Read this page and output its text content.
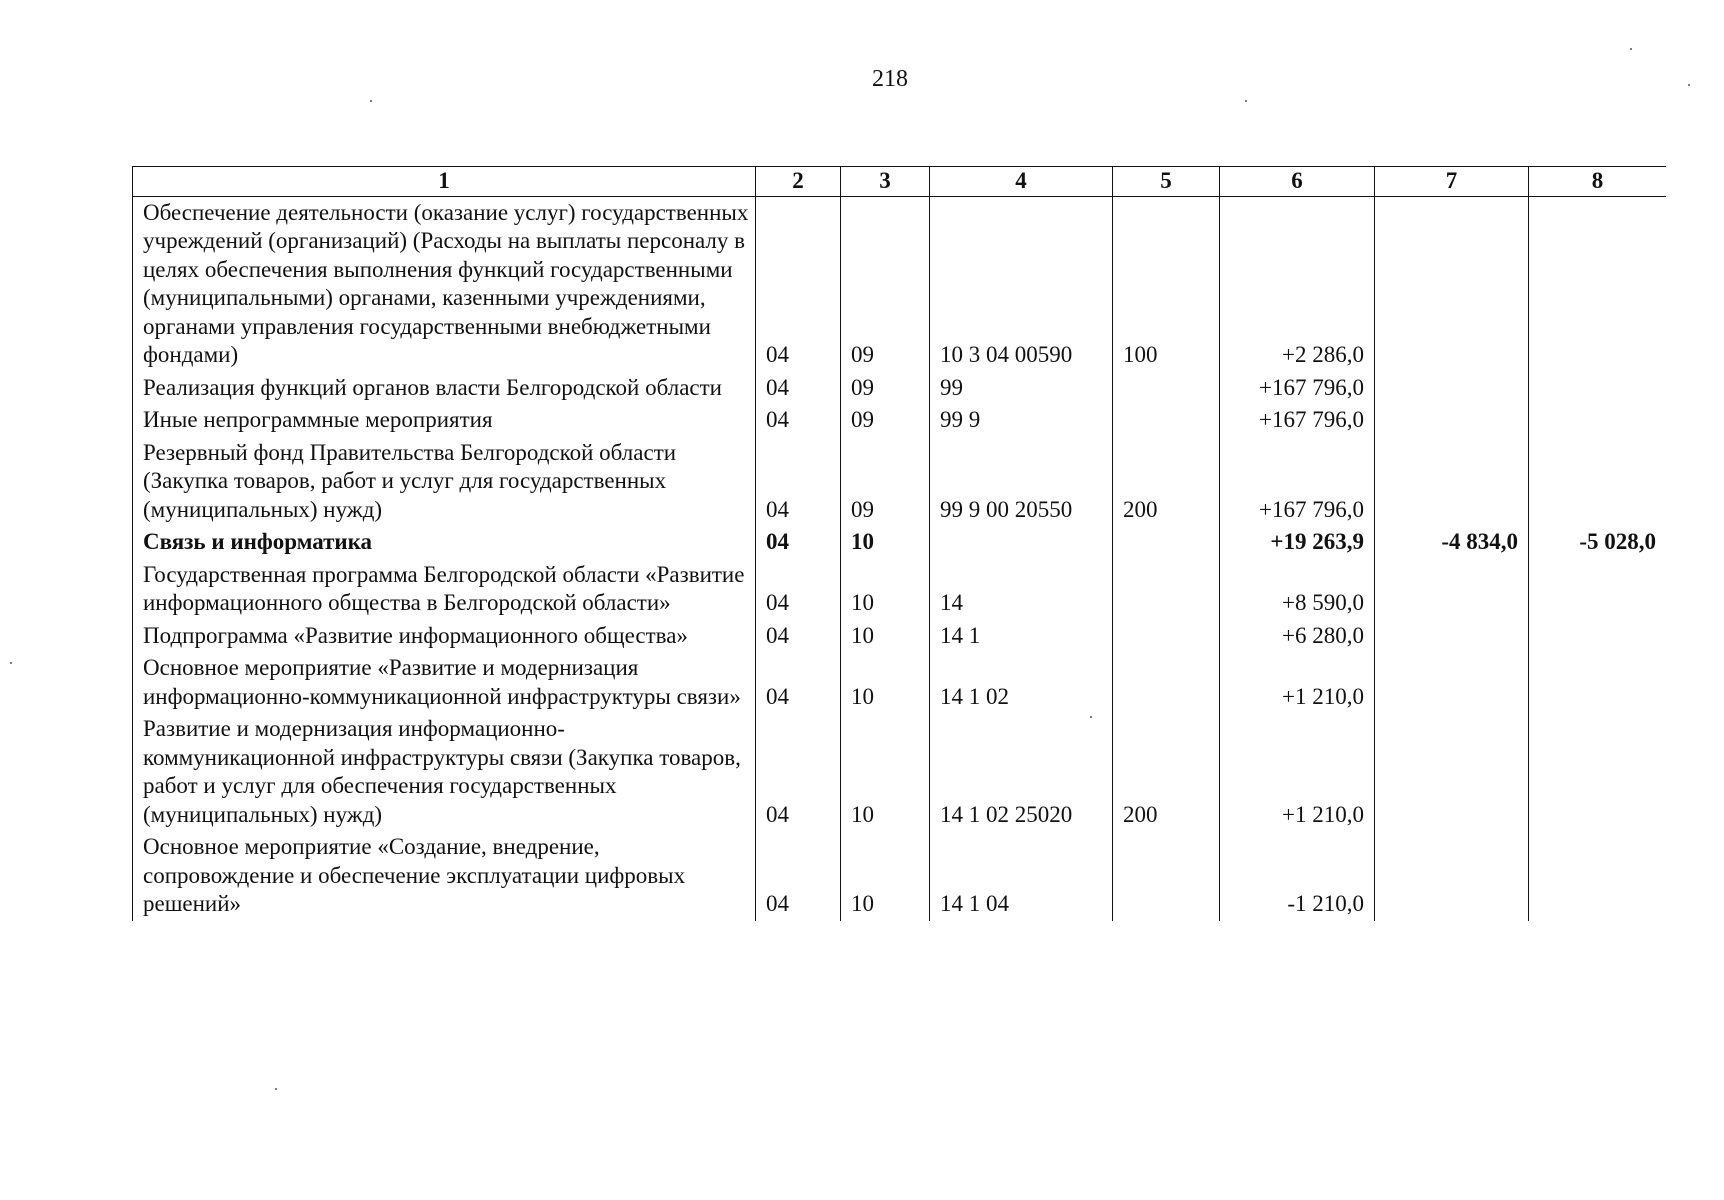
218
1	2	3	4	5	6	7	8
Обеспечение деятельности (оказание услуг) государственных учреждений (организаций) (Расходы на выплаты персоналу в целях обеспечения выполнения функций государственными (муниципальными) органами, казенными учреждениями, органами управления государственными внебюджетными фондами)	04	09	10 3 04 00590	100	+2 286,0		
Реализация функций органов власти Белгородской области	04	09	99		+167 796,0		
Иные непрограммные мероприятия	04	09	99 9		+167 796,0		
Резервный фонд Правительства Белгородской области (Закупка товаров, работ и услуг для государственных (муниципальных) нужд)	04	09	99 9 00 20550	200	+167 796,0		
Связь и информатика	04	10			+19 263,9	-4 834,0	-5 028,0
Государственная программа Белгородской области «Развитие информационного общества в Белгородской области»	04	10	14		+8 590,0		
Подпрограмма «Развитие информационного общества»	04	10	14 1		+6 280,0		
Основное мероприятие «Развитие и модернизация информационно-коммуникационной инфраструктуры связи»	04	10	14 1 02		+1 210,0		
Развитие и модернизация информационно-коммуникационной инфраструктуры связи (Закупка товаров, работ и услуг для обеспечения государственных (муниципальных) нужд)	04	10	14 1 02 25020	200	+1 210,0		
Основное мероприятие «Создание, внедрение, сопровождение и обеспечение эксплуатации цифровых решений»	04	10	14 1 04		-1 210,0		
